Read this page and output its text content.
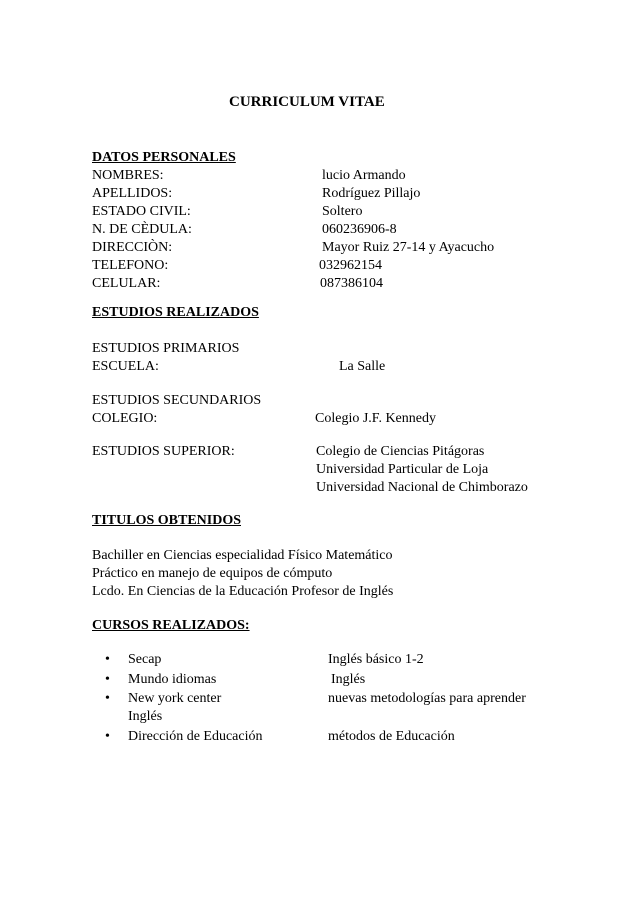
CURRICULUM VITAE
DATOS PERSONALES
NOMBRES:	lucio Armando
APELLIDOS:	Rodríguez Pillajo
ESTADO CIVIL:	Soltero
N. DE CÈDULA:	060236906-8
DIRECCIÒN:	Mayor Ruiz 27-14 y Ayacucho
TELEFONO:	032962154
CELULAR:	087386104
ESTUDIOS REALIZADOS
ESTUDIOS PRIMARIOS
ESCUELA:	La Salle
ESTUDIOS SECUNDARIOS
COLEGIO:	Colegio J.F. Kennedy
ESTUDIOS SUPERIOR:	Colegio de Ciencias Pitágoras
Universidad Particular de Loja
Universidad Nacional de Chimborazo
TITULOS OBTENIDOS
Bachiller en Ciencias especialidad Físico Matemático
Práctico en manejo de equipos de cómputo
Lcdo. En Ciencias de la Educación Profesor de Inglés
CURSOS REALIZADOS:
• Secap	Inglés básico 1-2
• Mundo idiomas	Inglés
• New york center	nuevas metodologías para aprender
Inglés
• Dirección de Educación	métodos de Educación
